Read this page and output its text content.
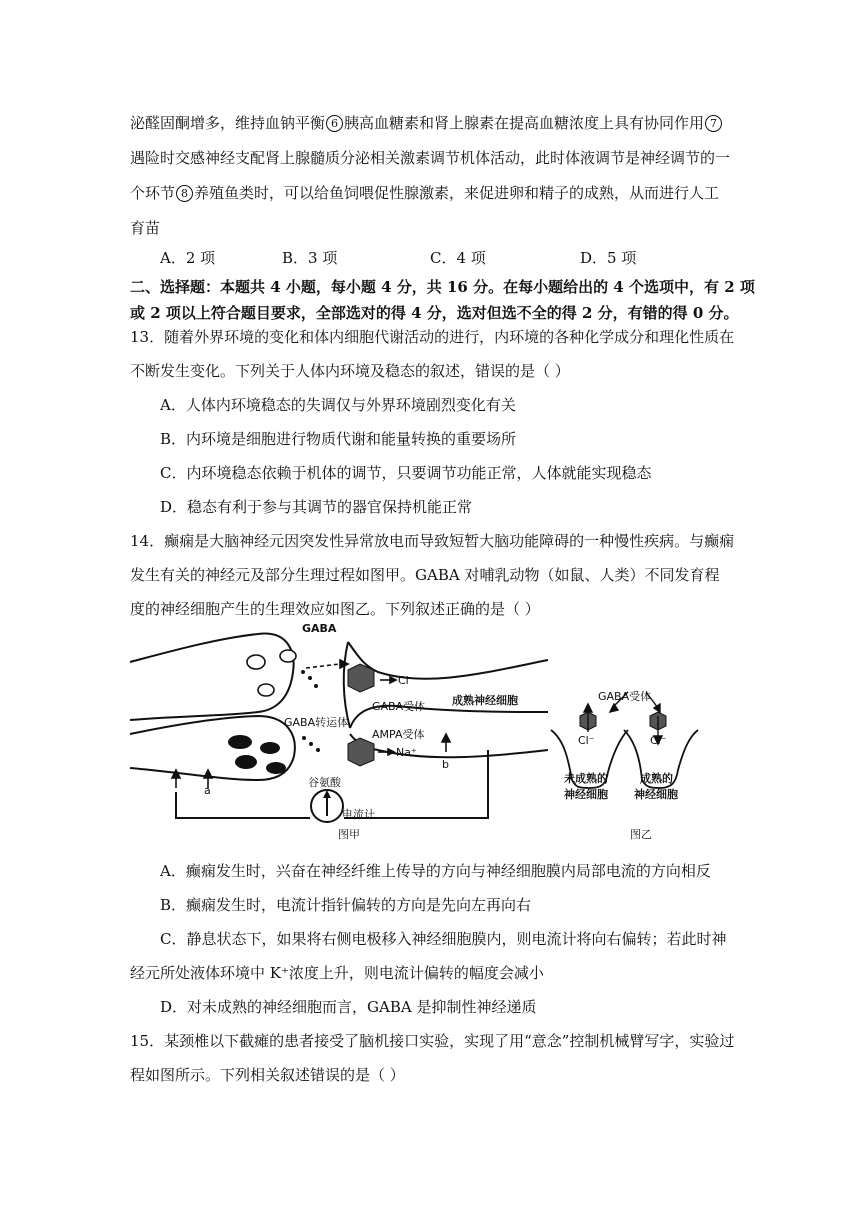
泌醛固酮增多，维持血钠平衡 6 胰高血糖素和肾上腺素在提高血糖浓度上具有协同作用 7
遇险时交感神经支配肾上腺髓质分泌相关激素调节机体活动，此时体液调节是神经调节的一
个环节 8 养殖鱼类时，可以给鱼饲喂促性腺激素，来促进卵和精子的成熟，从而进行人工
育苗
A．2 项	B．3 项	C．4 项	D．5 项
二、选择题：本题共 4 小题，每小题 4 分，共 16 分。在每小题给出的 4 个选项中，有 2 项
或 2 项以上符合题目要求，全部选对的得 4 分，选对但选不全的得 2 分，有错的得 0 分。
13．随着外界环境的变化和体内细胞代谢活动的进行，内环境的各种化学成分和理化性质在
不断发生变化。下列关于人体内环境及稳态的叙述，错误的是（ ）
A．人体内环境稳态的失调仅与外界环境剧烈变化有关
B．内环境是细胞进行物质代谢和能量转换的重要场所
C．内环境稳态依赖于机体的调节，只要调节功能正常，人体就能实现稳态
D．稳态有利于参与其调节的器官保持机能正常
14．癫痫是大脑神经元因突发性异常放电而导致短暂大脑功能障碍的一种慢性疾病。与癫痫
发生有关的神经元及部分生理过程如图甲。GABA 对哺乳动物（如鼠、人类）不同发育程
度的神经细胞产生的生理效应如图乙。下列叙述正确的是（ ）
GABA
Cl⁻
GABA受体 成熟神经细胞
GABA转运体
AMPA受体
Na⁺
谷氨酸
a
b
电流计
图甲
GABA受体
Cl⁻	Cl⁻
未成熟的
神经细胞
成熟的
神经细胞
图乙
A．癫痫发生时，兴奋在神经纤维上传导的方向与神经细胞膜内局部电流的方向相反
B．癫痫发生时，电流计指针偏转的方向是先向左再向右
C．静息状态下，如果将右侧电极移入神经细胞膜内，则电流计将向右偏转；若此时神
经元所处液体环境中 K⁺浓度上升，则电流计偏转的幅度会减小
D．对未成熟的神经细胞而言，GABA 是抑制性神经递质
15．某颈椎以下截瘫的患者接受了脑机接口实验，实现了用“意念”控制机械臂写字，实验过
程如图所示。下列相关叙述错误的是（ ）
